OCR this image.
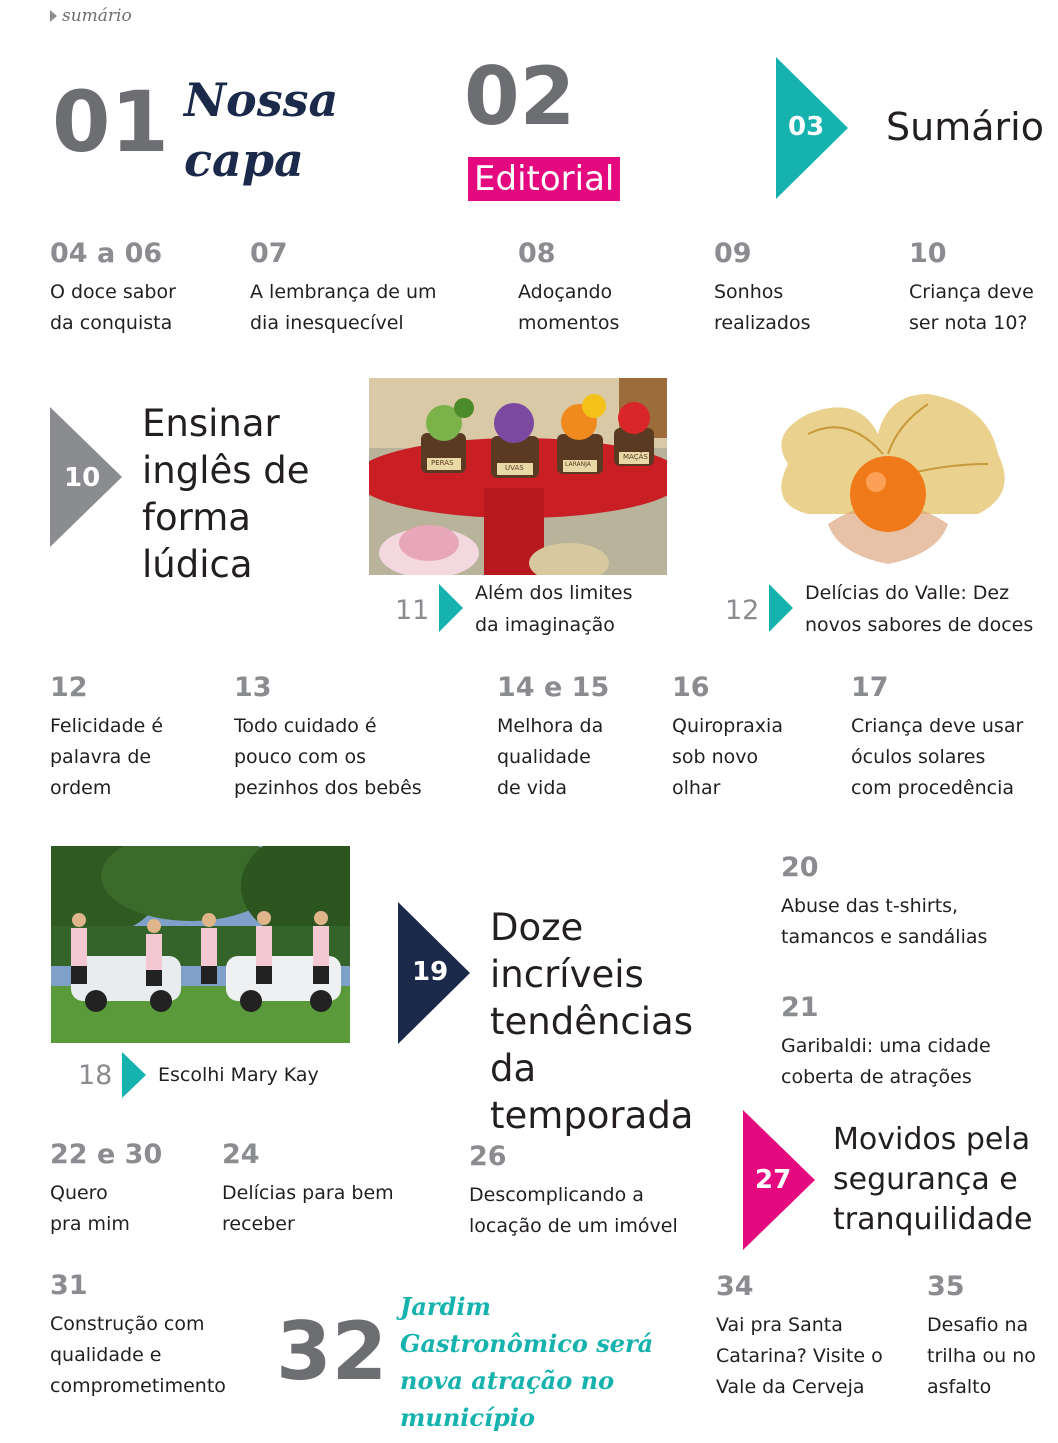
sumário
01 Nossa
capa
02
Editorial
03 Sumário
04 a 06
O doce sabor
da conquista
07
A lembrança de um
dia inesquecível
08
Adoçando
momentos
09
Sonhos
realizados
10
Criança deve
ser nota 10?
10
Ensinar
inglês de
forma
lúdica
PERAS
UVAS	LARANJA
MAÇÃS
11
Além dos limites
da imaginação	12
Delícias do Valle: Dez
novos sabores de doces
12
Felicidade é
palavra de
ordem
13
Todo cuidado é
pouco com os
pezinhos dos bebês
14 e 15
Melhora da
qualidade
de vida
16
Quiropraxia
sob novo
olhar
17
Criança deve usar
óculos solares
com procedência
18 Escolhi Mary Kay
19
Doze incríveis
tendências da
temporada
20
Abuse das t-shirts,
tamancos e sandálias
21
Garibaldi: uma cidade
coberta de atrações
22 e 30
Quero
pra mim
24
Delícias para bem
receber
26
Descomplicando a
locação de um imóvel
27
Movidos pela
segurança e
tranquilidade
31
Construção com
qualidade e
comprometimento 32 Jardim
Gastronômico será
nova atração no
município
34
Vai pra Santa
Catarina? Visite o
Vale da Cerveja
35
Desafio na
trilha ou no
asfalto
